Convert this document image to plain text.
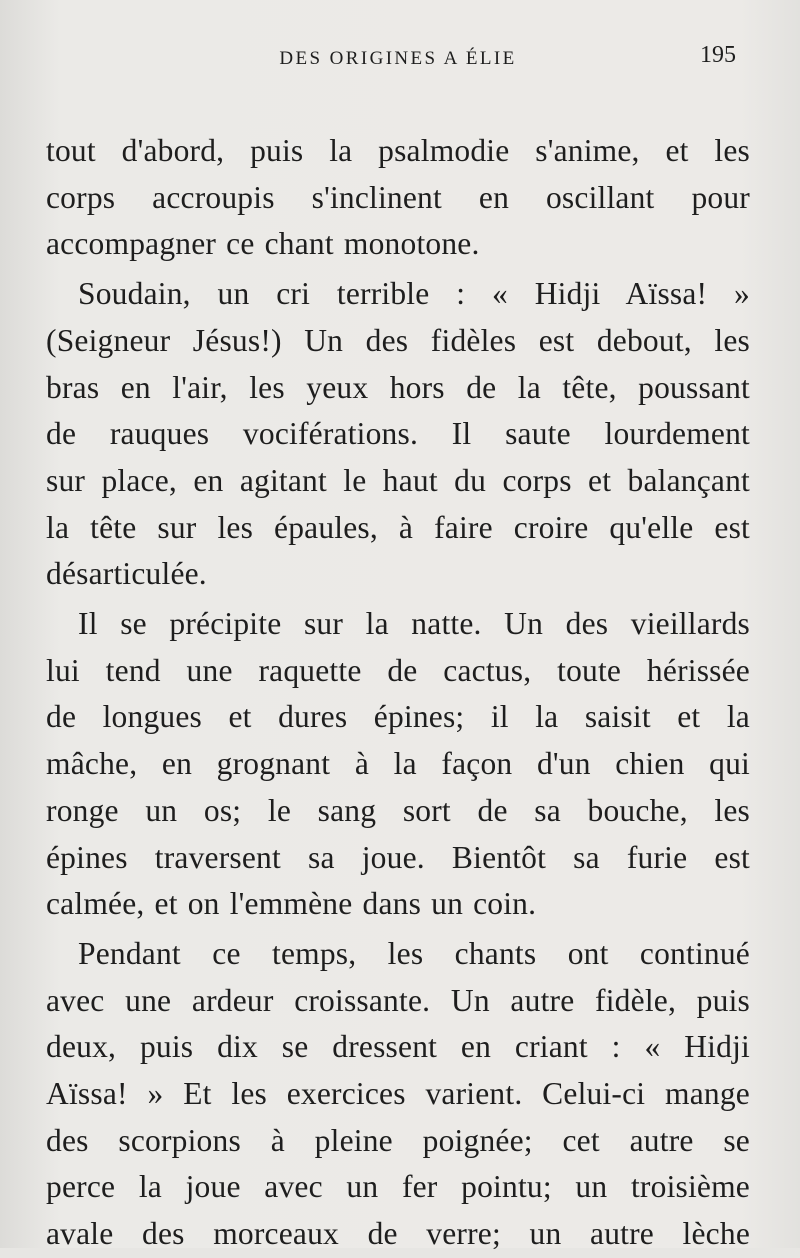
DES ORIGINES A ÉLIE	195

tout d'abord, puis la psalmodie s'anime, et les
corps accroupis s'inclinent en oscillant pour
accompagner ce chant monotone.

Soudain, un cri terrible : « Hidji Aïssa! »
(Seigneur Jésus!) Un des fidèles est debout, les
bras en l'air, les yeux hors de la tête, poussant
de rauques vociférations. Il saute lourdement
sur place, en agitant le haut du corps et balançant
la tête sur les épaules, à faire croire qu'elle est
désarticulée.

Il se précipite sur la natte. Un des vieillards
lui tend une raquette de cactus, toute hérissée
de longues et dures épines; il la saisit et la
mâche, en grognant à la façon d'un chien qui
ronge un os; le sang sort de sa bouche, les
épines traversent sa joue. Bientôt sa furie est
calmée, et on l'emmène dans un coin.

Pendant ce temps, les chants ont continué
avec une ardeur croissante. Un autre fidèle, puis
deux, puis dix se dressent en criant : « Hidji
Aïssa! » Et les exercices varient. Celui-ci mange
des scorpions à pleine poignée; cet autre se
perce la joue avec un fer pointu; un troisième
avale des morceaux de verre; un autre lèche
